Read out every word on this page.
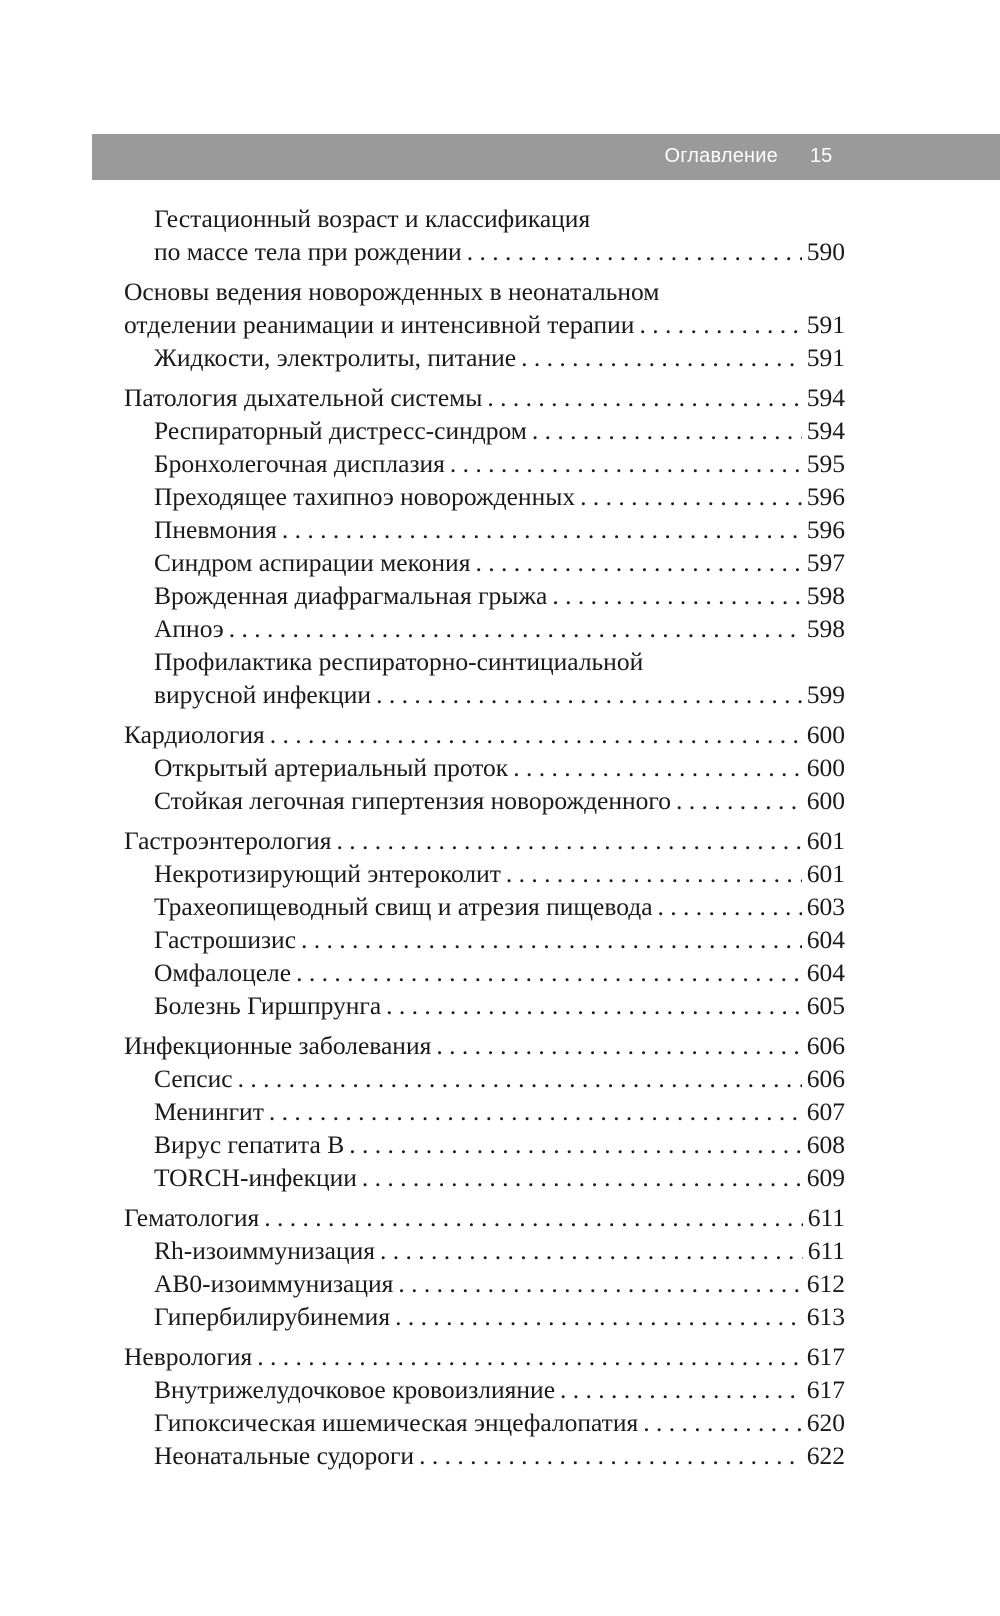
Оглавление 15
Гестационный возраст и классификация
по массе тела при рождении . . .	590
Основы ведения новорожденных в неонатальном
отделении реанимации и интенсивной терапии . . .	591
Жидкости, электролиты, питание . . .	591
Патология дыхательной системы . . .	594
Респираторный дистресс-синдром . . .	594
Бронхолегочная дисплазия . . .	595
Преходящее тахипноэ новорожденных . . .	596
Пневмония . . .	596
Синдром аспирации мекония . . .	597
Врожденная диафрагмальная грыжа . . .	598
Апноэ . . .	598
Профилактика респираторно-синтициальной
вирусной инфекции . . .	599
Кардиология . . .	600
Открытый артериальный проток . . .	600
Стойкая легочная гипертензия новорожденного . . .	600
Гастроэнтерология . . .	601
Некротизирующий энтероколит . . .	601
Трахеопищеводный свищ и атрезия пищевода . . .	603
Гастрошизис . . .	604
Омфалоцеле . . .	604
Болезнь Гиршпрунга . . .	605
Инфекционные заболевания . . .	606
Сепсис . . .	606
Менингит . . .	607
Вирус гепатита B . . .	608
TORCH-инфекции . . .	609
Гематология . . .	611
Rh-изоиммунизация . . .	611
AB0-изоиммунизация . . .	612
Гипербилирубинемия . . .	613
Неврология . . .	617
Внутрижелудочковое кровоизлияние . . .	617
Гипоксическая ишемическая энцефалопатия . . .	620
Неонатальные судороги . . .	622
